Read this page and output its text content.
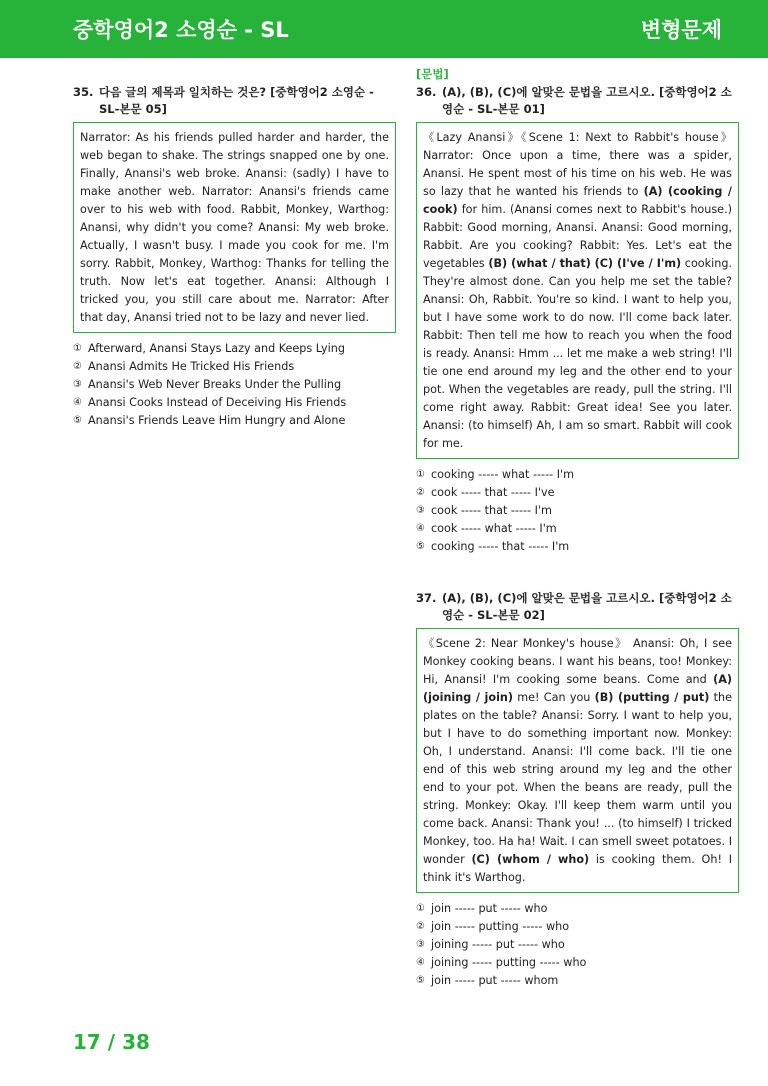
중학영어2 소영순 - SL	변형문제
35. 다음 글의 제목과 일치하는 것은? [중학영어2 소영순 - SL-본문 05]
Narrator: As his friends pulled harder and harder, the web began to shake. The strings snapped one by one. Finally, Anansi's web broke. Anansi: (sadly) I have to make another web. Narrator: Anansi's friends came over to his web with food. Rabbit, Monkey, Warthog: Anansi, why didn't you come? Anansi: My web broke. Actually, I wasn't busy. I made you cook for me. I'm sorry. Rabbit, Monkey, Warthog: Thanks for telling the truth. Now let's eat together. Anansi: Although I tricked you, you still care about me. Narrator: After that day, Anansi tried not to be lazy and never lied.
① Afterward, Anansi Stays Lazy and Keeps Lying
② Anansi Admits He Tricked His Friends
③ Anansi's Web Never Breaks Under the Pulling
④ Anansi Cooks Instead of Deceiving His Friends
⑤ Anansi's Friends Leave Him Hungry and Alone
[문법]
36. (A), (B), (C)에 알맞은 문법을 고르시오. [중학영어2 소영순 - SL-본문 01]
《Lazy Anansi》《Scene 1: Next to Rabbit's house》 Narrator: Once upon a time, there was a spider, Anansi. He spent most of his time on his web. He was so lazy that he wanted his friends to (A) (cooking / cook) for him. (Anansi comes next to Rabbit's house.) Rabbit: Good morning, Anansi. Anansi: Good morning, Rabbit. Are you cooking? Rabbit: Yes. Let's eat the vegetables (B) (what / that) (C) (I've / I'm) cooking. They're almost done. Can you help me set the table? Anansi: Oh, Rabbit. You're so kind. I want to help you, but I have some work to do now. I'll come back later. Rabbit: Then tell me how to reach you when the food is ready. Anansi: Hmm ... let me make a web string! I'll tie one end around my leg and the other end to your pot. When the vegetables are ready, pull the string. I'll come right away. Rabbit: Great idea! See you later. Anansi: (to himself) Ah, I am so smart. Rabbit will cook for me.
① cooking ----- what ----- I'm
② cook ----- that ----- I've
③ cook ----- that ----- I'm
④ cook ----- what ----- I'm
⑤ cooking ----- that ----- I'm
37. (A), (B), (C)에 알맞은 문법을 고르시오. [중학영어2 소영순 - SL-본문 02]
《Scene 2: Near Monkey's house》 Anansi: Oh, I see Monkey cooking beans. I want his beans, too! Monkey: Hi, Anansi! I'm cooking some beans. Come and (A) (joining / join) me! Can you (B) (putting / put) the plates on the table? Anansi: Sorry. I want to help you, but I have to do something important now. Monkey: Oh, I understand. Anansi: I'll come back. I'll tie one end of this web string around my leg and the other end to your pot. When the beans are ready, pull the string. Monkey: Okay. I'll keep them warm until you come back. Anansi: Thank you! ... (to himself) I tricked Monkey, too. Ha ha! Wait. I can smell sweet potatoes. I wonder (C) (whom / who) is cooking them. Oh! I think it's Warthog.
① join ----- put ----- who
② join ----- putting ----- who
③ joining ----- put ----- who
④ joining ----- putting ----- who
⑤ join ----- put ----- whom
17 / 38
